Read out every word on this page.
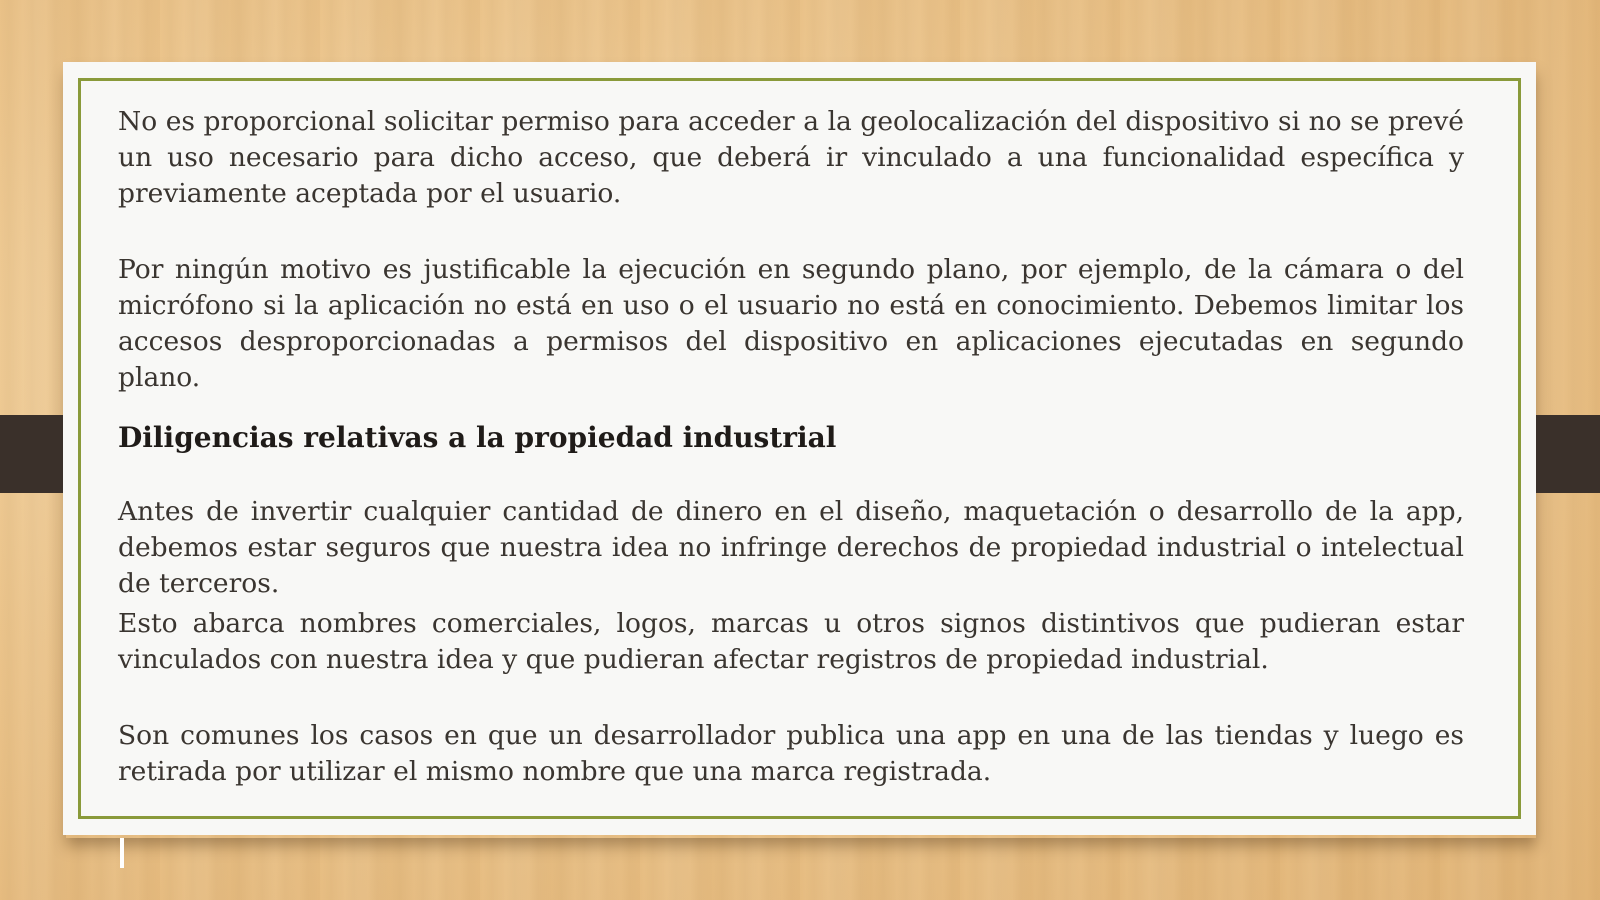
No es proporcional solicitar permiso para acceder a la geolocalización del dispositivo si no se prevé un uso necesario para dicho acceso, que deberá ir vinculado a una funcionalidad específica y previamente aceptada por el usuario.

Por ningún motivo es justificable la ejecución en segundo plano, por ejemplo, de la cámara o del micrófono si la aplicación no está en uso o el usuario no está en conocimiento. Debemos limitar los accesos desproporcionadas a permisos del dispositivo en aplicaciones ejecutadas en segundo plano.

Diligencias relativas a la propiedad industrial

Antes de invertir cualquier cantidad de dinero en el diseño, maquetación o desarrollo de la app, debemos estar seguros que nuestra idea no infringe derechos de propiedad industrial o intelectual de terceros.

Esto abarca nombres comerciales, logos, marcas u otros signos distintivos que pudieran estar vinculados con nuestra idea y que pudieran afectar registros de propiedad industrial.

Son comunes los casos en que un desarrollador publica una app en una de las tiendas y luego es retirada por utilizar el mismo nombre que una marca registrada.
